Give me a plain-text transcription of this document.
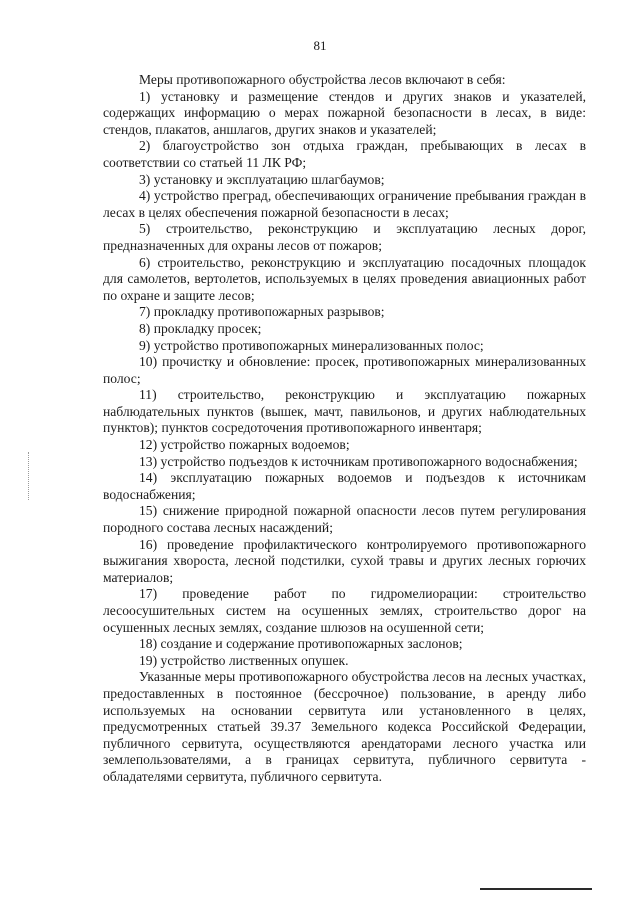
81

Меры противопожарного обустройства лесов включают в себя:

1) установку и размещение стендов и других знаков и указателей, содержащих информацию о мерах пожарной безопасности в лесах, в виде: стендов, плакатов, аншлагов, других знаков и указателей;

2) благоустройство зон отдыха граждан, пребывающих в лесах в соответствии со статьей 11 ЛК РФ;

3) установку и эксплуатацию шлагбаумов;

4) устройство преград, обеспечивающих ограничение пребывания граждан в лесах в целях обеспечения пожарной безопасности в лесах;

5) строительство, реконструкцию и эксплуатацию лесных дорог, предназначенных для охраны лесов от пожаров;

6) строительство, реконструкцию и эксплуатацию посадочных площадок для самолетов, вертолетов, используемых в целях проведения авиационных работ по охране и защите лесов;

7) прокладку противопожарных разрывов;

8) прокладку просек;

9) устройство противопожарных минерализованных полос;

10) прочистку и обновление: просек, противопожарных минерализованных полос;

11) строительство, реконструкцию и эксплуатацию пожарных наблюдательных пунктов (вышек, мачт, павильонов, и других наблюдательных пунктов); пунктов сосредоточения противопожарного инвентаря;

12) устройство пожарных водоемов;

13) устройство подъездов к источникам противопожарного водоснабжения;

14) эксплуатацию пожарных водоемов и подъездов к источникам водоснабжения;

15) снижение природной пожарной опасности лесов путем регулирования породного состава лесных насаждений;

16) проведение профилактического контролируемого противопожарного выжигания хвороста, лесной подстилки, сухой травы и других лесных горючих материалов;

17) проведение работ по гидромелиорации: строительство лесоосушительных систем на осушенных землях, строительство дорог на осушенных лесных землях, создание шлюзов на осушенной сети;

18) создание и содержание противопожарных заслонов;

19) устройство лиственных опушек.

Указанные меры противопожарного обустройства лесов на лесных участках, предоставленных в постоянное (бессрочное) пользование, в аренду либо используемых на основании сервитута или установленного в целях, предусмотренных статьей 39.37 Земельного кодекса Российской Федерации, публичного сервитута, осуществляются арендаторами лесного участка или землепользователями, а в границах сервитута, публичного сервитута - обладателями сервитута, публичного сервитута.
